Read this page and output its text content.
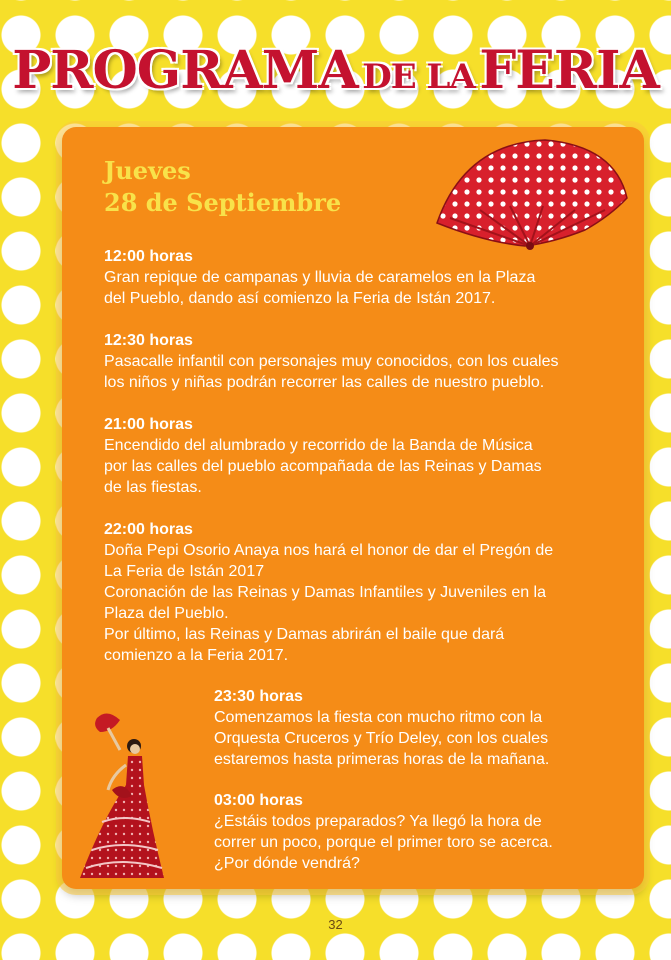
PROGRAMA DE LA FERIA
Jueves
28 de Septiembre
12:00 horas
Gran repique de campanas y lluvia de caramelos en la Plaza
del Pueblo, dando así comienzo la Feria de Istán 2017.
12:30 horas
Pasacalle infantil con personajes muy conocidos, con los cuales
los niños y niñas podrán recorrer las calles de nuestro pueblo.
21:00 horas
Encendido del alumbrado y recorrido de la Banda de Música
por las calles del pueblo acompañada de las Reinas y Damas
de las fiestas.
22:00 horas
Doña Pepi Osorio Anaya nos hará el honor de dar el Pregón de
La Feria de Istán 2017
Coronación de las Reinas y Damas Infantiles y Juveniles en la
Plaza del Pueblo.
Por último, las Reinas y Damas abrirán el baile que dará
comienzo a la Feria 2017.
23:30 horas
Comenzamos la fiesta con mucho ritmo con la
Orquesta Cruceros y Trío Deley, con los cuales
estaremos hasta primeras horas de la mañana.
03:00 horas
¿Estáis todos preparados? Ya llegó la hora de
correr un poco, porque el primer toro se acerca.
¿Por dónde vendrá?
32
